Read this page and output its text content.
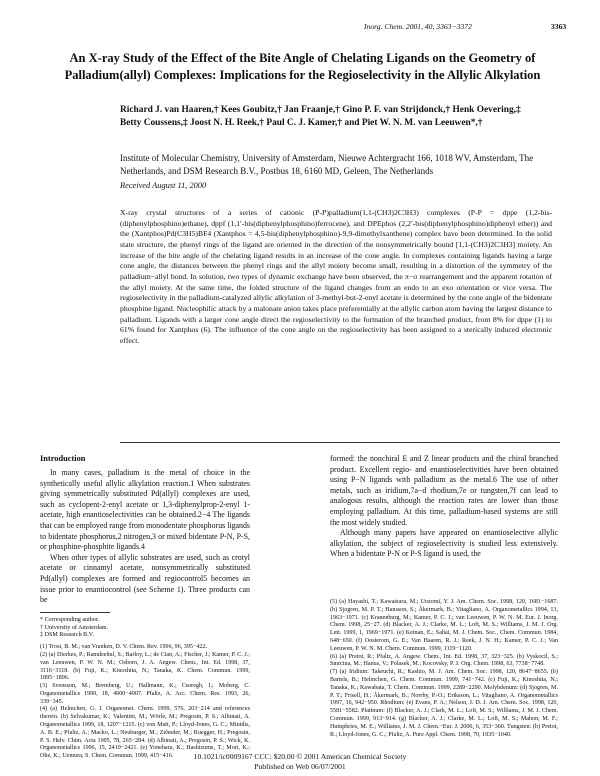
Inorg. Chem. 2001, 40, 3363−3372	3363
An X-ray Study of the Effect of the Bite Angle of Chelating Ligands on the Geometry of Palladium(allyl) Complexes: Implications for the Regioselectivity in the Allylic Alkylation
Richard J. van Haaren,† Kees Goubitz,† Jan Fraanje,† Gino P. F. van Strijdonck,† Henk Oevering,‡ Betty Coussens,‡ Joost N. H. Reek,† Paul C. J. Kamer,† and Piet W. N. M. van Leeuwen*,†
Institute of Molecular Chemistry, University of Amsterdam, Nieuwe Achtergracht 166, 1018 WV, Amsterdam, The Netherlands, and DSM Research B.V., Postbus 18, 6160 MD, Geleen, The Netherlands
Received August 11, 2000
X-ray crystal structures of a series of cationic (P-P)palladium(1,1-(CH3)2C3H3) complexes (P-P = dppe (1,2-bis-(diphenylphosphino)ethane), dppf (1,1′-bis(diphenylphosphino)ferrocene), and DPEphos (2,2′-bis(diphenylphosphino)diphenyl ether)) and the (Xantphos)Pd(C3H5)BF4 (Xantphos = 4,5-bis(diphenylphosphino)-9,9-dimethylxanthene) complex have been determined. In the solid state structure, the phenyl rings of the ligand are oriented in the direction of the nonsymmetrically bound [1,1-(CH3)2C3H3] moiety. An increase of the bite angle of the chelating ligand results in an increase of the cone angle. In complexes containing ligands having a large cone angle, the distances between the phenyl rings and the allyl moiety become small, resulting in a distortion of the symmetry of the palladium−allyl bond. In solution, two types of dynamic exchange have been observed, the π−σ rearrangement and the apparent rotation of the allyl moiety. At the same time, the folded structure of the ligand changes from an endo to an exo orientation or vice versa. The regioselectivity in the palladium-catalyzed allylic alkylation of 3-methyl-but-2-enyl acetate is determined by the cone angle of the bidentate phosphine ligand. Nucleophilic attack by a malonate anion takes place preferentially at the allylic carbon atom having the largest distance to palladium. Ligands with a larger cone angle direct the regioselectivity to the formation of the branched product, from 8% for dppe (1) to 61% found for Xantphos (6). The influence of the cone angle on the regioselectivity has been assigned to a sterically induced electronic effect.
Introduction

In many cases, palladium is the metal of choice in the synthetically useful allylic alkylation reaction.1 When substrates giving symmetrically substituted Pd(allyl) complexes are used, such as cyclopent-2-enyl acetate or 1,3-diphenylprop-2-enyl 1-acetate, high enantioselectivities can be obtained.2−4 The ligands that can be employed range from monodentate phosphorus ligands to bidentate phosphorus,2 nitrogen,3 or mixed bidentate P-N, P-S, or phosphine-phosphite ligands.4

When other types of allylic substrates are used, such as crotyl acetate or cinnamyl acetate, nonsymmetrically substituted Pd(allyl) complexes are formed and regiocontrol5 becomes an issue prior to enantiocontrol (see Scheme 1). Three products can be

* Corresponding author.

† University of Amsterdam.

‡ DSM Research B.V.

(1) Trost, B. M.; van Vranken, D. V. Chem. Rev. 1996, 96, 395−422.

(2) (a) Dierkes, P.; Ramdeehul, S.; Barloy, L.; de Cian, A.; Fischer, J.; Kamer, P. C. J.; van Leeuwen, P. W. N. M.; Osborn, J. A. Angew. Chem., Int. Ed. 1998, 37, 3116−3118. (b) Fuji, K.; Kinoshita, N.; Tanaka, K. Chem. Commun. 1999, 1895−1896.

(3) Svensson, M.; Bremberg, U.; Hallmann, K.; Csoregh, I.; Moberg, C. Organometallics 1999, 18, 4900−4907. Pfaltz, A. Acc. Chem. Res. 1993, 26, 339−345.

(4) (a) Helmchen, G. J. Organomet. Chem. 1999, 576, 203−214 and references therein. (b) Selvakumar, K.; Valentini, M.; Wörle, M.; Pregosin, P. S.; Albinati, A. Organometallics 1999, 18, 1207−1215. (c) von Matt, P.; Lloyd-Jones, G. C.; Minidis, A. B. E.; Pfaltz, A.; Macko, L.; Neuburger, M.; Zehnder, M.; Ruegger, H.; Pregosin, P. S. Helv. Chim. Acta 1995, 78, 265−284. (d) Albinati, A.; Pregosin, P. S.; Wick, K. Organometallics 1996, 15, 2419−2421. (e) Yonehara, K.; Hashizume, T.; Mori, K.; Ohe, K.; Uemura, S. Chem. Commun. 1999, 415−416.

formed: the nonchiral E and Z linear products and the chiral branched product. Excellent regio- and enantioselectivities have been obtained using P−N ligands with palladium as the metal.6 The use of other metals, such as iridium,7a−d rhodium,7e or tungsten,7f can lead to analogous results, although the reaction rates are lower than those employing palladium. At this time, palladium-based systems are still the most widely studied.

Although many papers have appeared on enantioselective allylic alkylation, the subject of regioselectivity is studied less extensively. When a bidentate P-N or P-S ligand is used, the

(5) (a) Hayashi, T.; Kawatsura, M.; Uozomi, Y. J. Am. Chem. Soc. 1998, 120, 1681−1687. (b) Sjogren, M. P. T.; Hansson, S.; Åkermark, B.; Vitagliano, A. Organometallics 1994, 13, 1963−1971. (c) Kranenburg, M.; Kamer, P. C. J.; van Leeuwen, P. W. N. M. Eur. J. Inorg. Chem. 1998, 25−27. (d) Blacker, A. J.; Clarke, M. L.; Loft, M. S.; Williams, J. M. J. Org. Lett. 1999, 1, 1969−1971. (e) Keinan, E.; Sahai, M. J. Chem. Soc., Chem. Commun. 1984, 648−650. (f) Oosterom, G. E.; Van Haaren, R. J.; Reek, J. N. H.; Kamer, P. C. J.; Van Leeuwen, P. W. N. M. Chem. Commun. 1999, 1119−1120.

(6) (a) Pretot, R.; Pfaltz, A. Angew. Chem., Int. Ed. 1998, 37, 323−325. (b) Vyskocil, S.; Smrcina, M.; Hanus, V.; Polasek, M.; Kocovsky, P. J. Org. Chem. 1998, 63, 7738−7748.

(7) (a) Iridium: Takeuchi, R.; Kashio, M. J. Am. Chem. Soc. 1998, 120, 8647−8655. (b) Bartels, B.; Helmchen, G. Chem. Commun. 1999, 741−742. (c) Fuji, K.; Kinoshita, N.; Tanaka, K.; Kawabata, T. Chem. Commun. 1999, 2289−2290. Molybdenum: (d) Sjogren, M. P. T.; Frisell, H.; Åkermark, B.; Norrby, P.-O.; Eriksson, L.; Vitagliano, A. Organometallics 1997, 16, 942−950. Rhodium: (e) Evans, P. A.; Nelson, J. D. J. Am. Chem. Soc. 1998, 120, 5581−5582. Platinum: (f) Blacker, A. J.; Clark, M. L.; Loft, M. S.; Williams, J. M. J. Chem. Commun. 1999, 913−914. (g) Blacker, A. J.; Clarke, M. L.; Loft, M. S.; Mahon, M. F.; Humphries, M. E.; Williams, J. M. J. Chem.−Eur. J. 2000, 6, 353−360. Tungsten: (h) Pretot, R.; Lloyd-Jones, G. C.; Pfaltz, A. Pure Appl. Chem. 1998, 70, 1035−1040.

10.1021/ic0009167 CCC: $20.00 © 2001 American Chemical Society
Published on Web 06/07/2001
